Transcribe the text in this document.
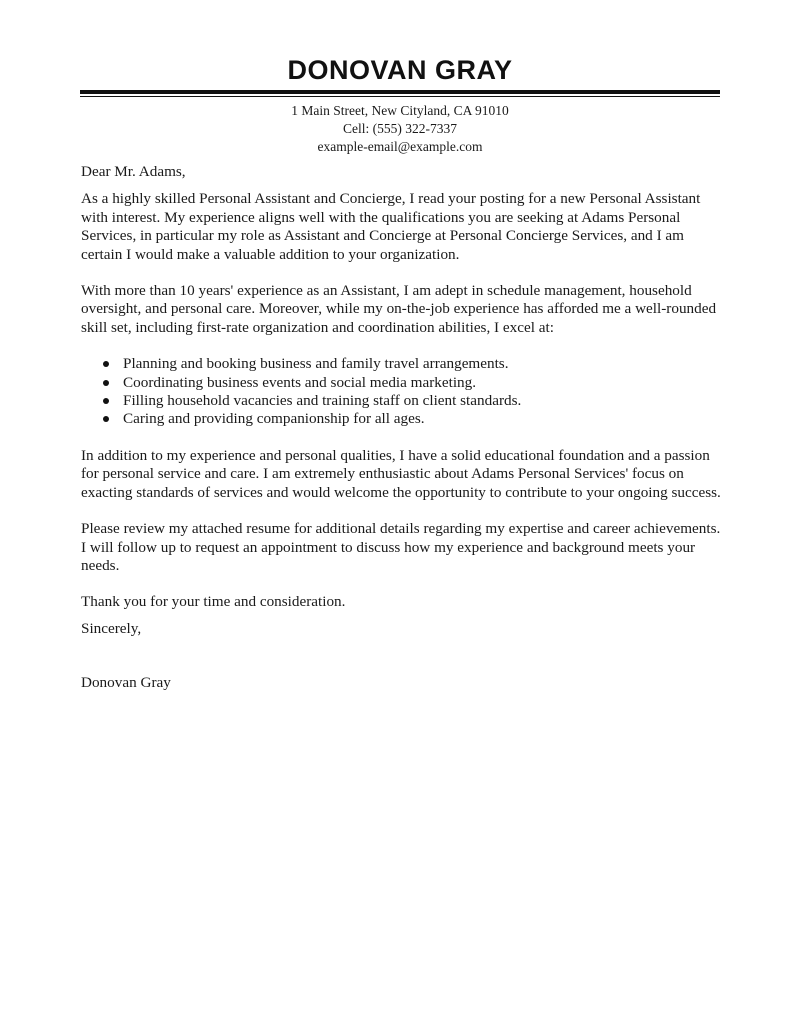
DONOVAN GRAY
1 Main Street, New Cityland, CA 91010
Cell: (555) 322-7337
example-email@example.com

Dear Mr. Adams,

As a highly skilled Personal Assistant and Concierge, I read your posting for a new Personal Assistant with interest. My experience aligns well with the qualifications you are seeking at Adams Personal Services, in particular my role as Assistant and Concierge at Personal Concierge Services, and I am certain I would make a valuable addition to your organization.

With more than 10 years' experience as an Assistant, I am adept in schedule management, household oversight, and personal care. Moreover, while my on-the-job experience has afforded me a well-rounded skill set, including first-rate organization and coordination abilities, I excel at:

Planning and booking business and family travel arrangements.
Coordinating business events and social media marketing.
Filling household vacancies and training staff on client standards.
Caring and providing companionship for all ages.

In addition to my experience and personal qualities, I have a solid educational foundation and a passion for personal service and care. I am extremely enthusiastic about Adams Personal Services' focus on exacting standards of services and would welcome the opportunity to contribute to your ongoing success.

Please review my attached resume for additional details regarding my expertise and career achievements. I will follow up to request an appointment to discuss how my experience and background meets your needs.

Thank you for your time and consideration.

Sincerely,

Donovan Gray
